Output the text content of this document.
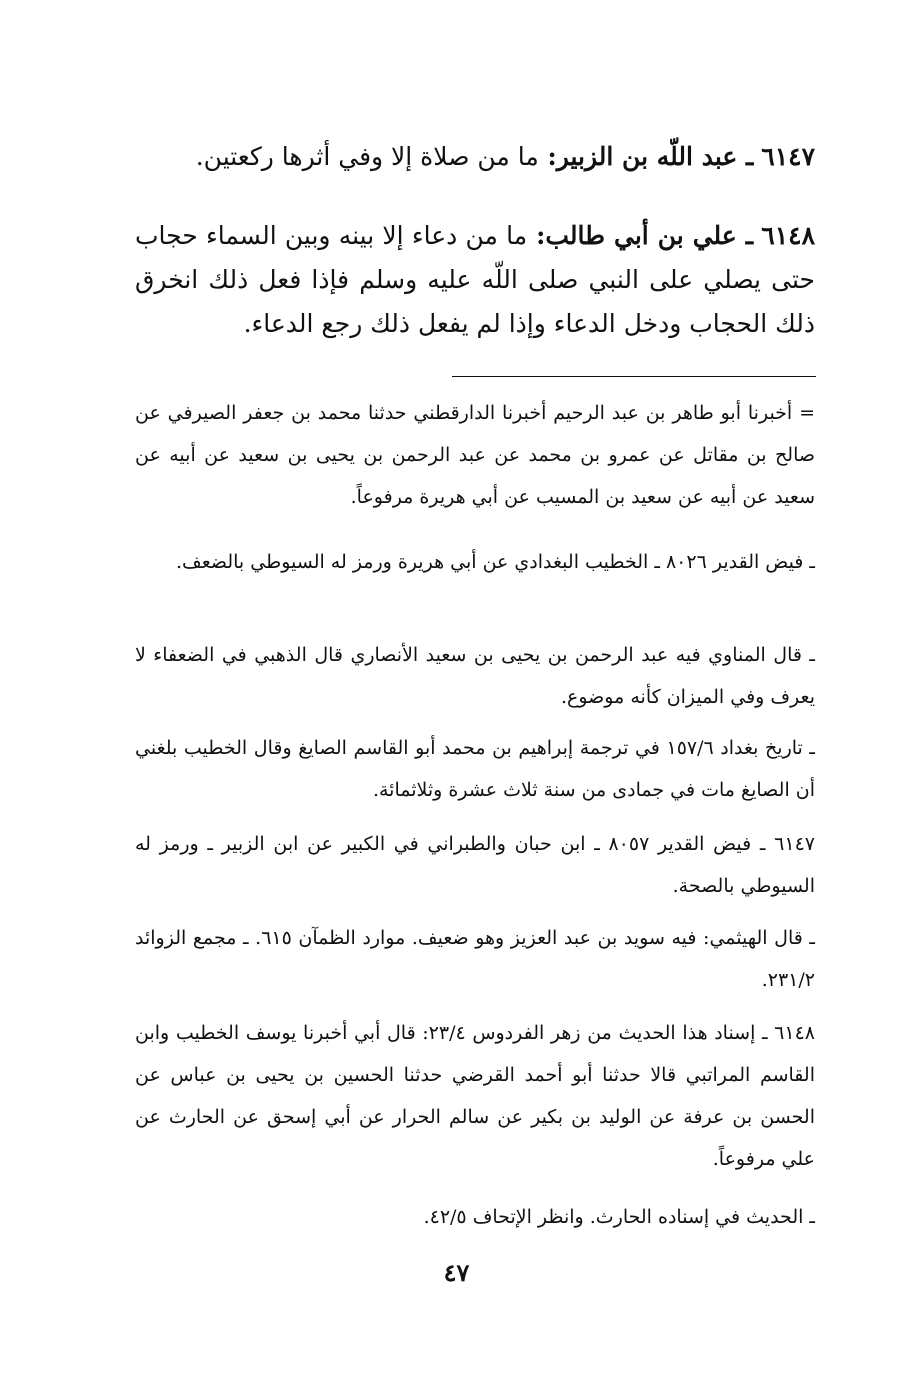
٦١٤٧ ـ عبد اللّه بن الزبير: ما من صلاة إلا وفي أثرها ركعتين.
٦١٤٨ ـ علي بن أبي طالب: ما من دعاء إلا بينه وبين السماء حجاب حتى يصلي على النبي صلى اللّه عليه وسلم فإذا فعل ذلك انخرق ذلك الحجاب ودخل الدعاء وإذا لم يفعل ذلك رجع الدعاء.
= أخبرنا أبو طاهر بن عبد الرحيم أخبرنا الدارقطني حدثنا محمد بن جعفر الصيرفي عن صالح بن مقاتل عن عمرو بن محمد عن عبد الرحمن بن يحيى بن سعيد عن أبيه عن سعيد عن أبيه عن سعيد بن المسيب عن أبي هريرة مرفوعاً.
ـ فيض القدير ٨٠٢٦ ـ الخطيب البغدادي عن أبي هريرة ورمز له السيوطي بالضعف.
ـ قال المناوي فيه عبد الرحمن بن يحيى بن سعيد الأنصاري قال الذهبي في الضعفاء لا يعرف وفي الميزان كأنه موضوع.
ـ تاريخ بغداد ١٥٧/٦ في ترجمة إبراهيم بن محمد أبو القاسم الصايغ وقال الخطيب بلغني أن الصايغ مات في جمادى من سنة ثلاث عشرة وثلاثمائة.
٦١٤٧ ـ فيض القدير ٨٠٥٧ ـ ابن حبان والطبراني في الكبير عن ابن الزبير ـ ورمز له السيوطي بالصحة.
ـ قال الهيثمي: فيه سويد بن عبد العزيز وهو ضعيف. موارد الظمآن ٦١٥. ـ مجمع الزوائد ٢٣١/٢.
٦١٤٨ ـ إسناد هذا الحديث من زهر الفردوس ٢٣/٤: قال أبي أخبرنا يوسف الخطيب وابن القاسم المراتبي قالا حدثنا أبو أحمد القرضي حدثنا الحسين بن يحيى بن عباس عن الحسن بن عرفة عن الوليد بن بكير عن سالم الحرار عن أبي إسحق عن الحارث عن علي مرفوعاً.
ـ الحديث في إسناده الحارث. وانظر الإتحاف ٤٢/٥.
٤٧
